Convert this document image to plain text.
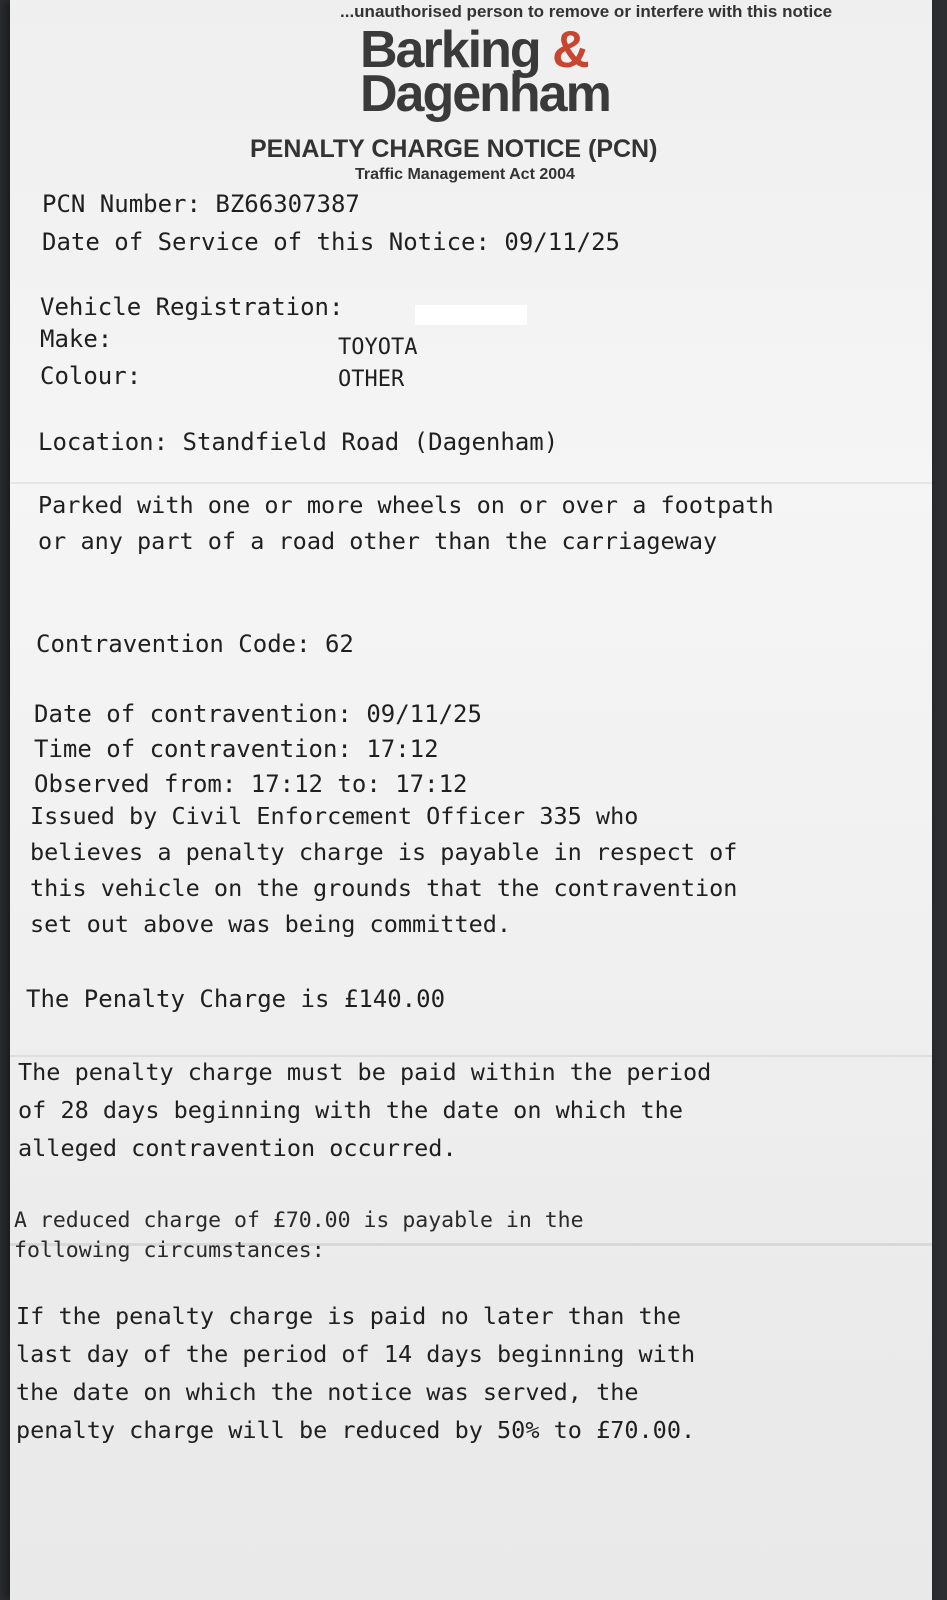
...unauthorised person to remove or interfere with this notice
Barking &
Dagenham
PENALTY CHARGE NOTICE (PCN)
Traffic Management Act 2004
PCN Number: BZ66307387
Date of Service of this Notice: 09/11/25
Vehicle Registration:
Make:	TOYOTA
Colour:	OTHER
Location: Standfield Road (Dagenham)
Parked with one or more wheels on or over a footpath
or any part of a road other than the carriageway
Contravention Code: 62
Date of contravention: 09/11/25
Time of contravention: 17:12
Observed from: 17:12 to: 17:12
Issued by Civil Enforcement Officer 335 who
believes a penalty charge is payable in respect of
this vehicle on the grounds that the contravention
set out above was being committed.
The Penalty Charge is £140.00
The penalty charge must be paid within the period
of 28 days beginning with the date on which the
alleged contravention occurred.
A reduced charge of £70.00 is payable in the
following circumstances:
If the penalty charge is paid no later than the
last day of the period of 14 days beginning with
the date on which the notice was served, the
penalty charge will be reduced by 50% to £70.00.
